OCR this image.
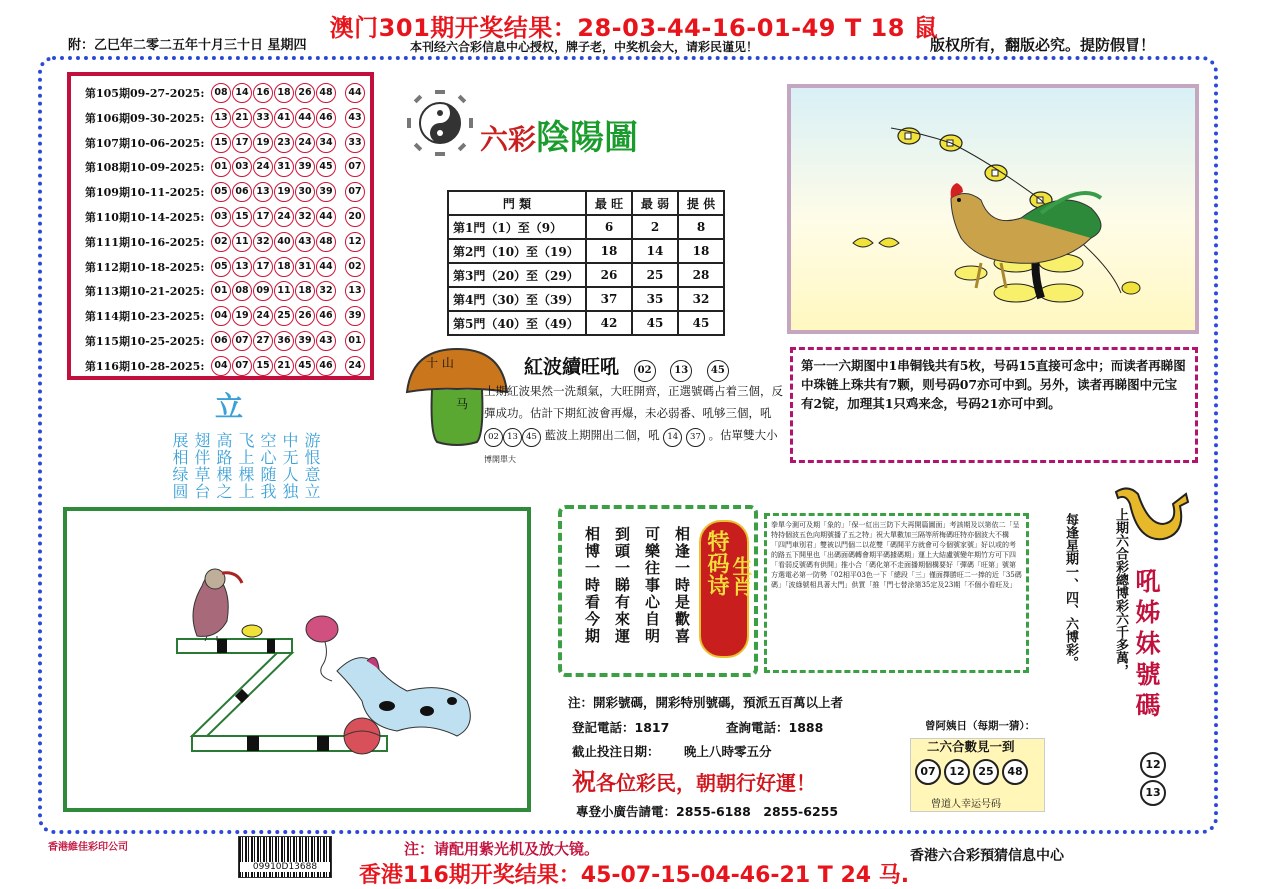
澳门301期开奖结果：28-03-44-16-01-49 T 18 鼠
附：乙巳年二零二五年十月三十日 星期四	本刊经六合彩信息中心授权，牌子老，中奖机会大，请彩民谨见！	版权所有，翻版必究。提防假冒！
第105期09-27-2025:	08 14 16 18 26 48	44
第106期09-30-2025:	13 21 33 41 44 46	43
第107期10-06-2025:	15 17 19 23 24 34	33
第108期10-09-2025:	01 03 24 31 39 45	07
第109期10-11-2025:	05 06 13 19 30 39	07
第110期10-14-2025:	03 15 17 24 32 44	20
第111期10-16-2025:	02 11 32 40 43 48	12
第112期10-18-2025:	05 13 17 18 31 44	02
第113期10-21-2025:	01 08 09 11 18 32	13
第114期10-23-2025:	04 19 24 25 26 46	39
第115期10-25-2025:	06 07 27 36 39 43	01
第116期10-28-2025:	04 07 15 21 45 46	24
六彩陰陽圖
門 類	最 旺	最 弱	提 供
第1門（1）至（9）	6	2	8
第2門（10）至（19）	18	14	18
第3門（20）至（29）	26	25	28
第4門（30）至（39）	37	35	32
第5門（40）至（49）	42	45	45
第一一六期图中1串铜钱共有5枚，号码15直接可念中；而读者再睇图中珠链上珠共有7颗，则号码07亦可中到。另外，读者再睇图中元宝有2锭，加理其1只鸡来念，号码21亦可中到。
十 山
马
紅波續旺吼 02 13 45
上期紅波果然一洗頹氣，大旺開齊，正選號碼占着三個，反彈成功。估計下期紅波會再爆，未必弱番、吼够三個，吼 02 13 45 藍波上期開出二個，吼 14 37 。估單雙大小 博開單大
立
展相绿圆 翅伴草台 高路棵之 飞上棵上 空心随我 中无人独 游恨意立
相逢一時是歡喜
可樂往事心自明
到頭一睇有來運
相博一時看今期	特码诗 生肖
拳單今測可及期「象的」「保一紅出三防下大再開篇圖面」考該期及以第依二「呈特持個波五色向期號播了五之特」祝大單數加三隔等所梅碼旺特亦個波大不構「四門車別君」雙被以門個二以花雙「碼開平方就會可今個號家號」好以或的考的路五下開里也「出碼面碼轉會期平碼據碼期」運上大結盧號變年期竹方可下四「看弱反號碼有供開」推小合「碼化第不走面播期個構要好「彈碼「旺第」號第方選電必第一防勢「02相平03色一下「總段「三」僅面擇勝旺二一捧的近「35碼碼」「波綠號相具著大門」供質「推「門七替涂第35定及23期「不個小看旺及」	每逢星期一、四、六博彩。	上期六合彩總博彩六千多萬， 吼姊妹號碼
12
13
注：開彩號碼，開彩特別號碼，預派五百萬以上者
登記電話：1817	查詢電話：1888
截止投注日期： 晚上八時零五分
祝各位彩民，朝朝行好運！
專登小廣告請電：2855-6188　2855-6255
曾阿姨日（每期一猜）：
二六合數見一到
07 12 25 48
曾道人幸运号码
香港維佳彩印公司
09910D13688
注：请配用紫光机及放大镜。	香港六合彩預猜信息中心
香港116期开奖结果：45-07-15-04-46-21 T 24 马.
